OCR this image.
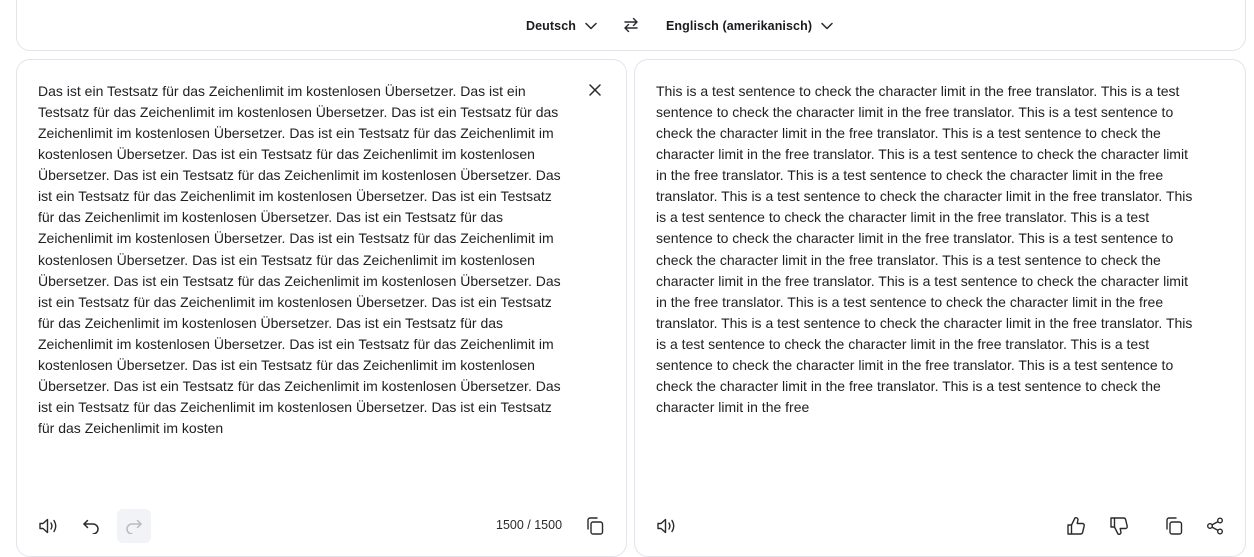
Deutsch	Englisch (amerikanisch)
Das ist ein Testsatz für das Zeichenlimit im kostenlosen Übersetzer. Das ist ein Testsatz für das Zeichenlimit im kostenlosen Übersetzer. Das ist ein Testsatz für das Zeichenlimit im kostenlosen Übersetzer. Das ist ein Testsatz für das Zeichenlimit im kostenlosen Übersetzer. Das ist ein Testsatz für das Zeichenlimit im kostenlosen Übersetzer. Das ist ein Testsatz für das Zeichenlimit im kostenlosen Übersetzer. Das ist ein Testsatz für das Zeichenlimit im kostenlosen Übersetzer. Das ist ein Testsatz für das Zeichenlimit im kostenlosen Übersetzer. Das ist ein Testsatz für das Zeichenlimit im kostenlosen Übersetzer. Das ist ein Testsatz für das Zeichenlimit im kostenlosen Übersetzer. Das ist ein Testsatz für das Zeichenlimit im kostenlosen Übersetzer. Das ist ein Testsatz für das Zeichenlimit im kostenlosen Übersetzer. Das ist ein Testsatz für das Zeichenlimit im kostenlosen Übersetzer. Das ist ein Testsatz für das Zeichenlimit im kostenlosen Übersetzer. Das ist ein Testsatz für das Zeichenlimit im kostenlosen Übersetzer. Das ist ein Testsatz für das Zeichenlimit im kostenlosen Übersetzer. Das ist ein Testsatz für das Zeichenlimit im kostenlosen Übersetzer. Das ist ein Testsatz für das Zeichenlimit im kostenlosen Übersetzer. Das ist ein Testsatz für das Zeichenlimit im kostenlosen Übersetzer. Das ist ein Testsatz für das Zeichenlimit im kosten
1500 / 1500
This is a test sentence to check the character limit in the free translator. This is a test sentence to check the character limit in the free translator. This is a test sentence to check the character limit in the free translator. This is a test sentence to check the character limit in the free translator. This is a test sentence to check the character limit in the free translator. This is a test sentence to check the character limit in the free translator. This is a test sentence to check the character limit in the free translator. This is a test sentence to check the character limit in the free translator. This is a test sentence to check the character limit in the free translator. This is a test sentence to check the character limit in the free translator. This is a test sentence to check the character limit in the free translator. This is a test sentence to check the character limit in the free translator. This is a test sentence to check the character limit in the free translator. This is a test sentence to check the character limit in the free translator. This is a test sentence to check the character limit in the free translator. This is a test sentence to check the character limit in the free translator. This is a test sentence to check the character limit in the free translator. This is a test sentence to check the character limit in the free
